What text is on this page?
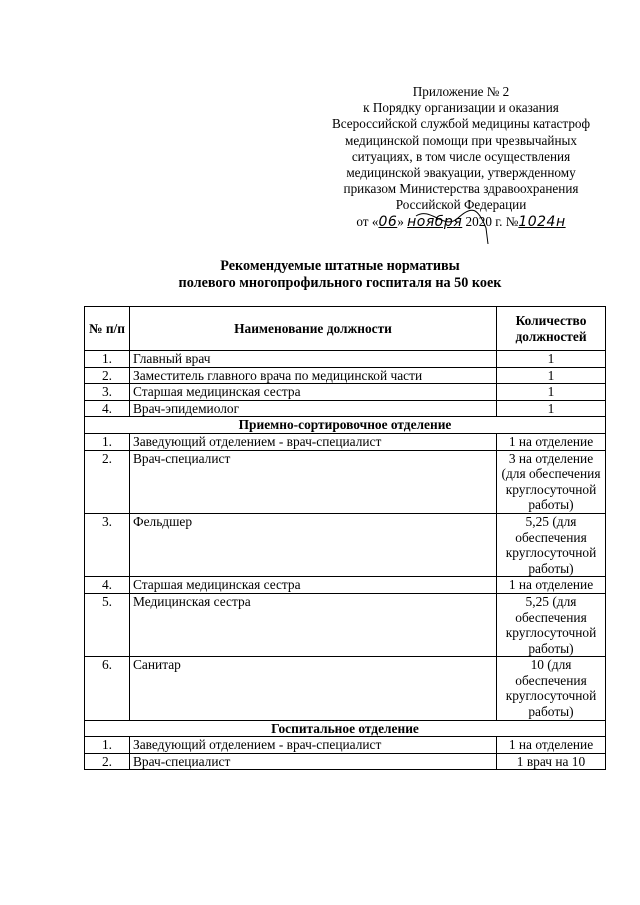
Приложение № 2
к Порядку организации и оказания
Всероссийской службой медицины катастроф
медицинской помощи при чрезвычайных
ситуациях, в том числе осуществления
медицинской эвакуации, утвержденному
приказом Министерства здравоохранения
Российской Федерации
от «06» ноября 2020 г. №1024н
Рекомендуемые штатные нормативы
полевого многопрофильного госпиталя на 50 коек
№ п/п	Наименование должности	Количество должностей
1.	Главный врач	1
2.	Заместитель главного врача по медицинской части	1
3.	Старшая медицинская сестра	1
4.	Врач-эпидемиолог	1
Приемно-сортировочное отделение		
1.	Заведующий отделением - врач-специалист	1 на отделение
2.	Врач-специалист	3 на отделение (для обеспечения круглосуточной работы)
3.	Фельдшер	5,25 (для обеспечения круглосуточной работы)
4.	Старшая медицинская сестра	1 на отделение
5.	Медицинская сестра	5,25 (для обеспечения круглосуточной работы)
6.	Санитар	10 (для обеспечения круглосуточной работы)
Госпитальное отделение		
1.	Заведующий отделением - врач-специалист	1 на отделение
2.	Врач-специалист	1 врач на 10
